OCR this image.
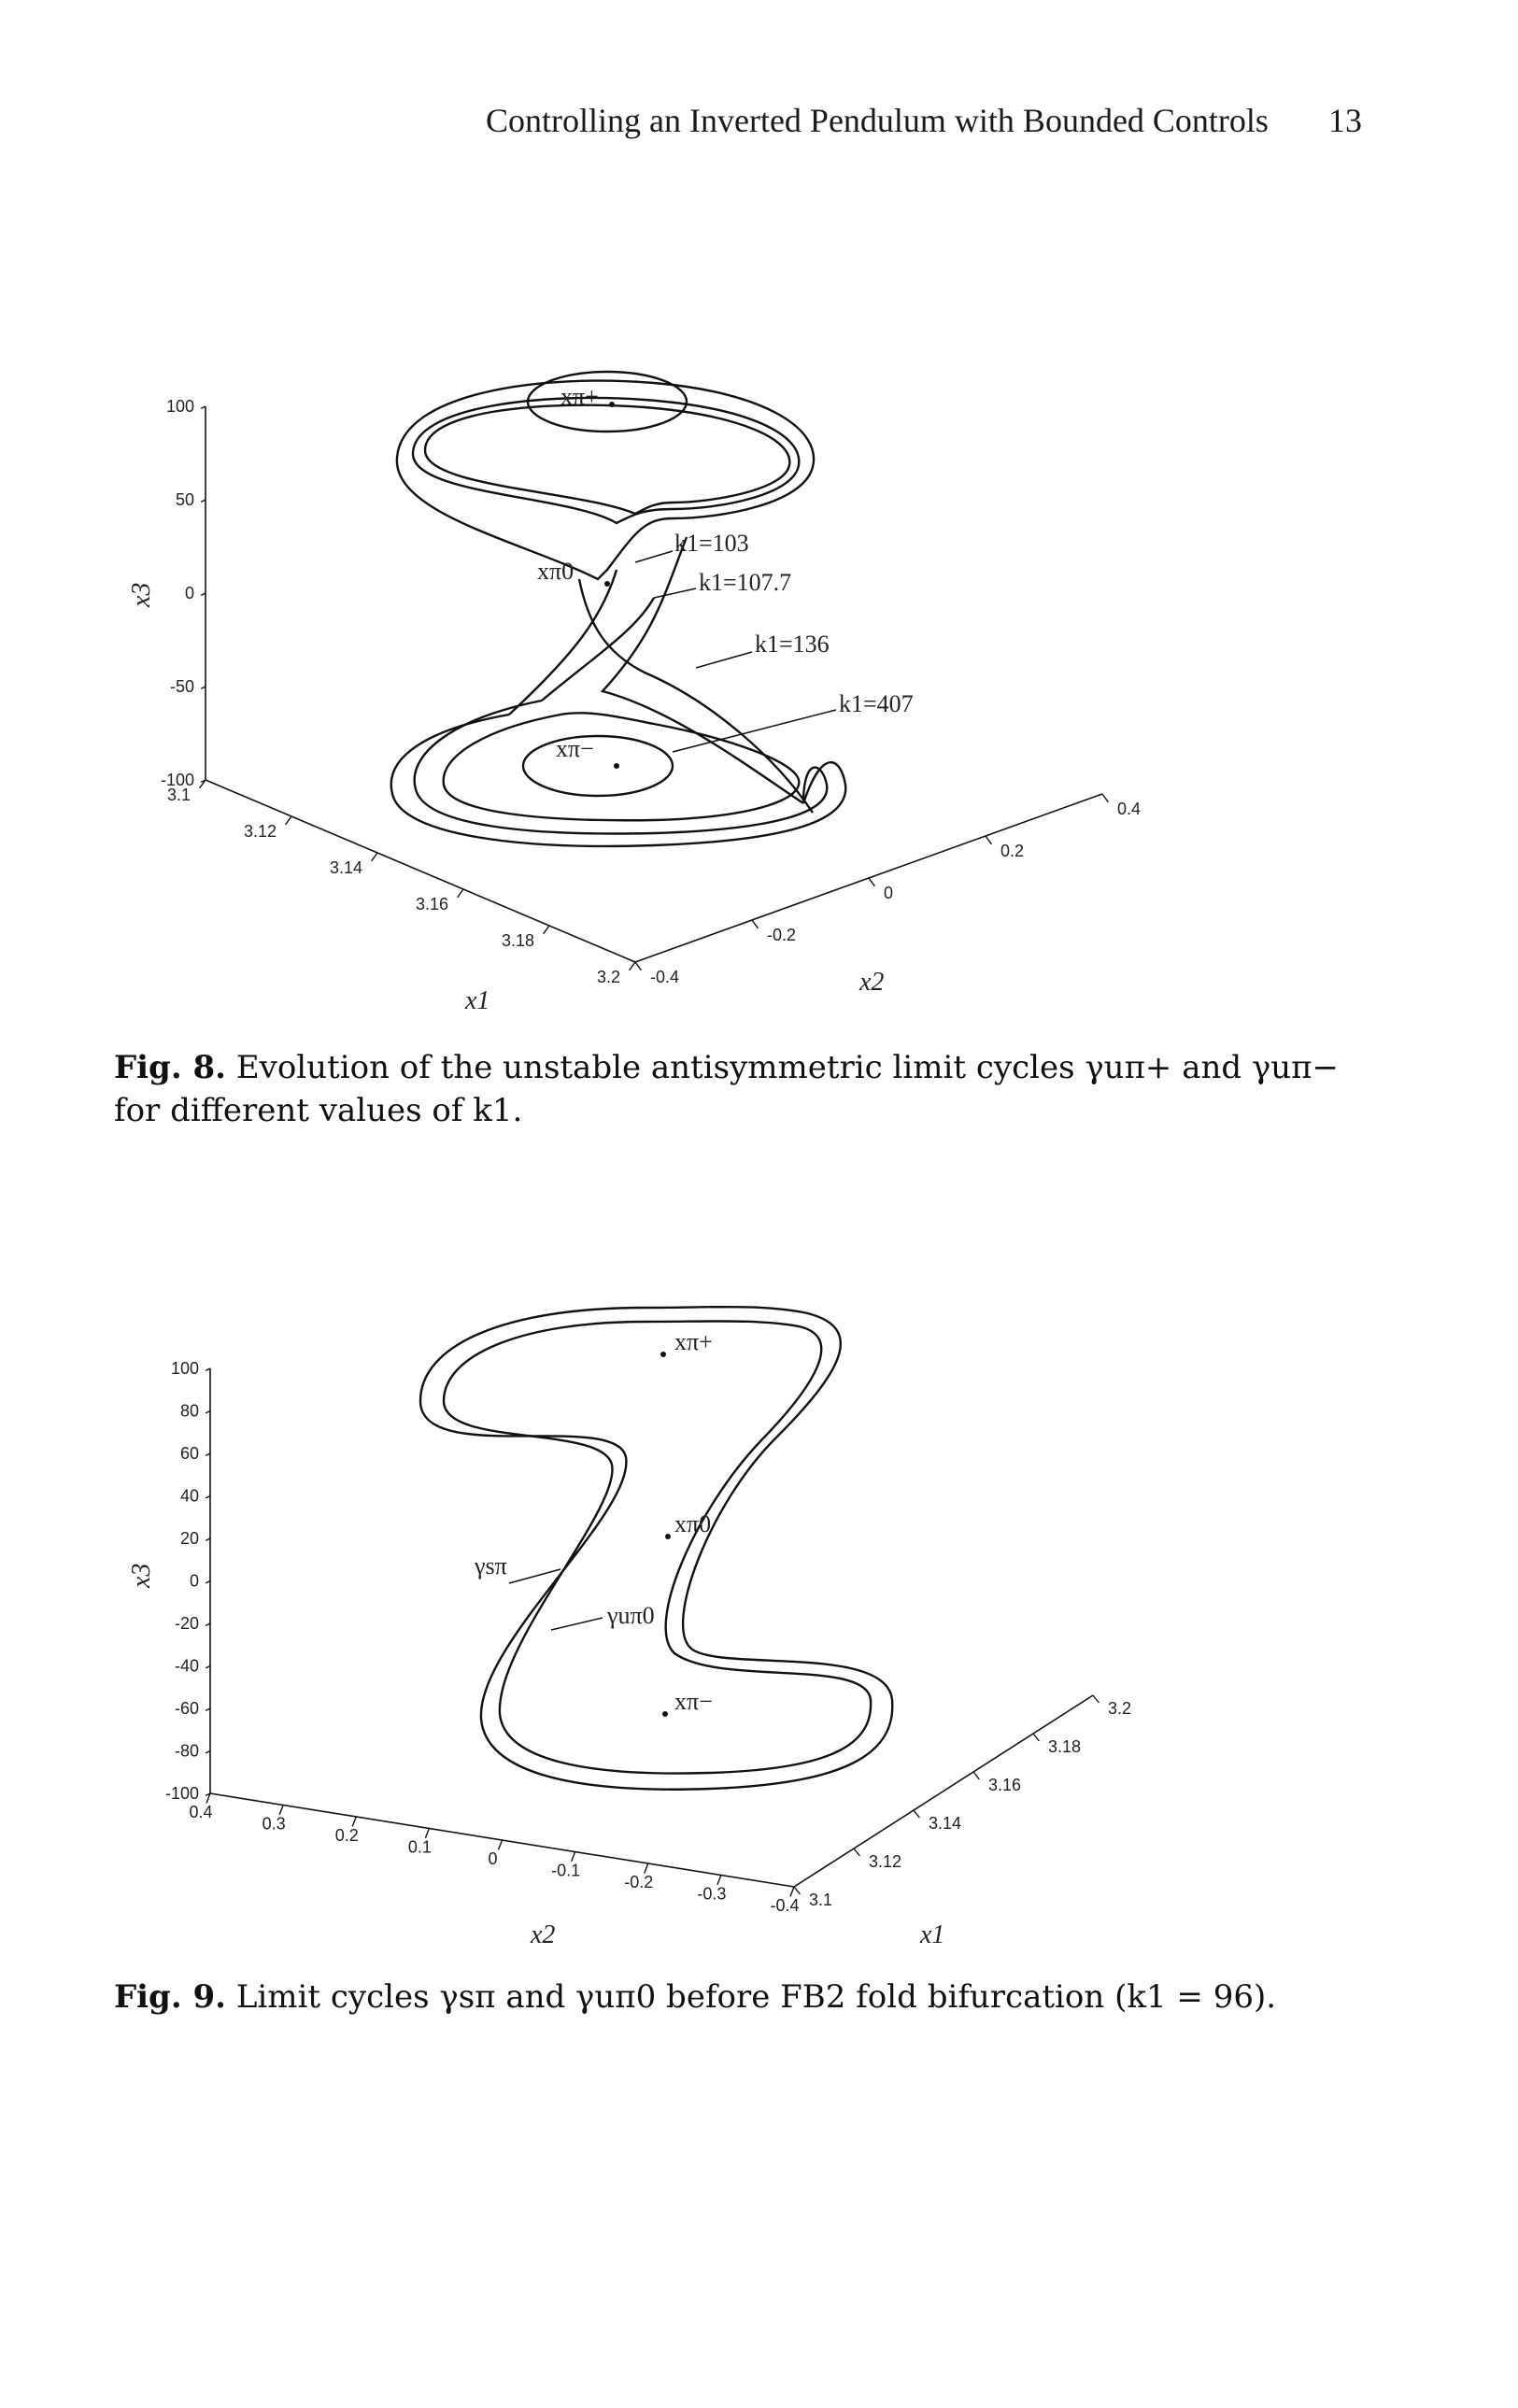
Controlling an Inverted Pendulum with Bounded Controls 13
100
50
0
-50
-100
3.1
3.12
3.14
3.16
3.18
3.2 -0.4
-0.2
0
0.2
0.4
x3
x1
x2
xπ+
xπ0
xπ−
k1=103
k1=107.7
k1=136
k1=407
Fig. 8. Evolution of the unstable antisymmetric limit cycles γuπ+ and γuπ− for different values of k1.
100
80
60
40
20
0
-20
-40
-60
-80
-100
0.4
0.3
0.2
0.1
0
-0.1
-0.2
-0.3
-0.4 3.1
3.12
3.14
3.16
3.18
3.2
x3
x2	x1
xπ+
xπ0
xπ−
γsπ
γuπ0
Fig. 9. Limit cycles γsπ and γuπ0 before FB2 fold bifurcation (k1 = 96).
